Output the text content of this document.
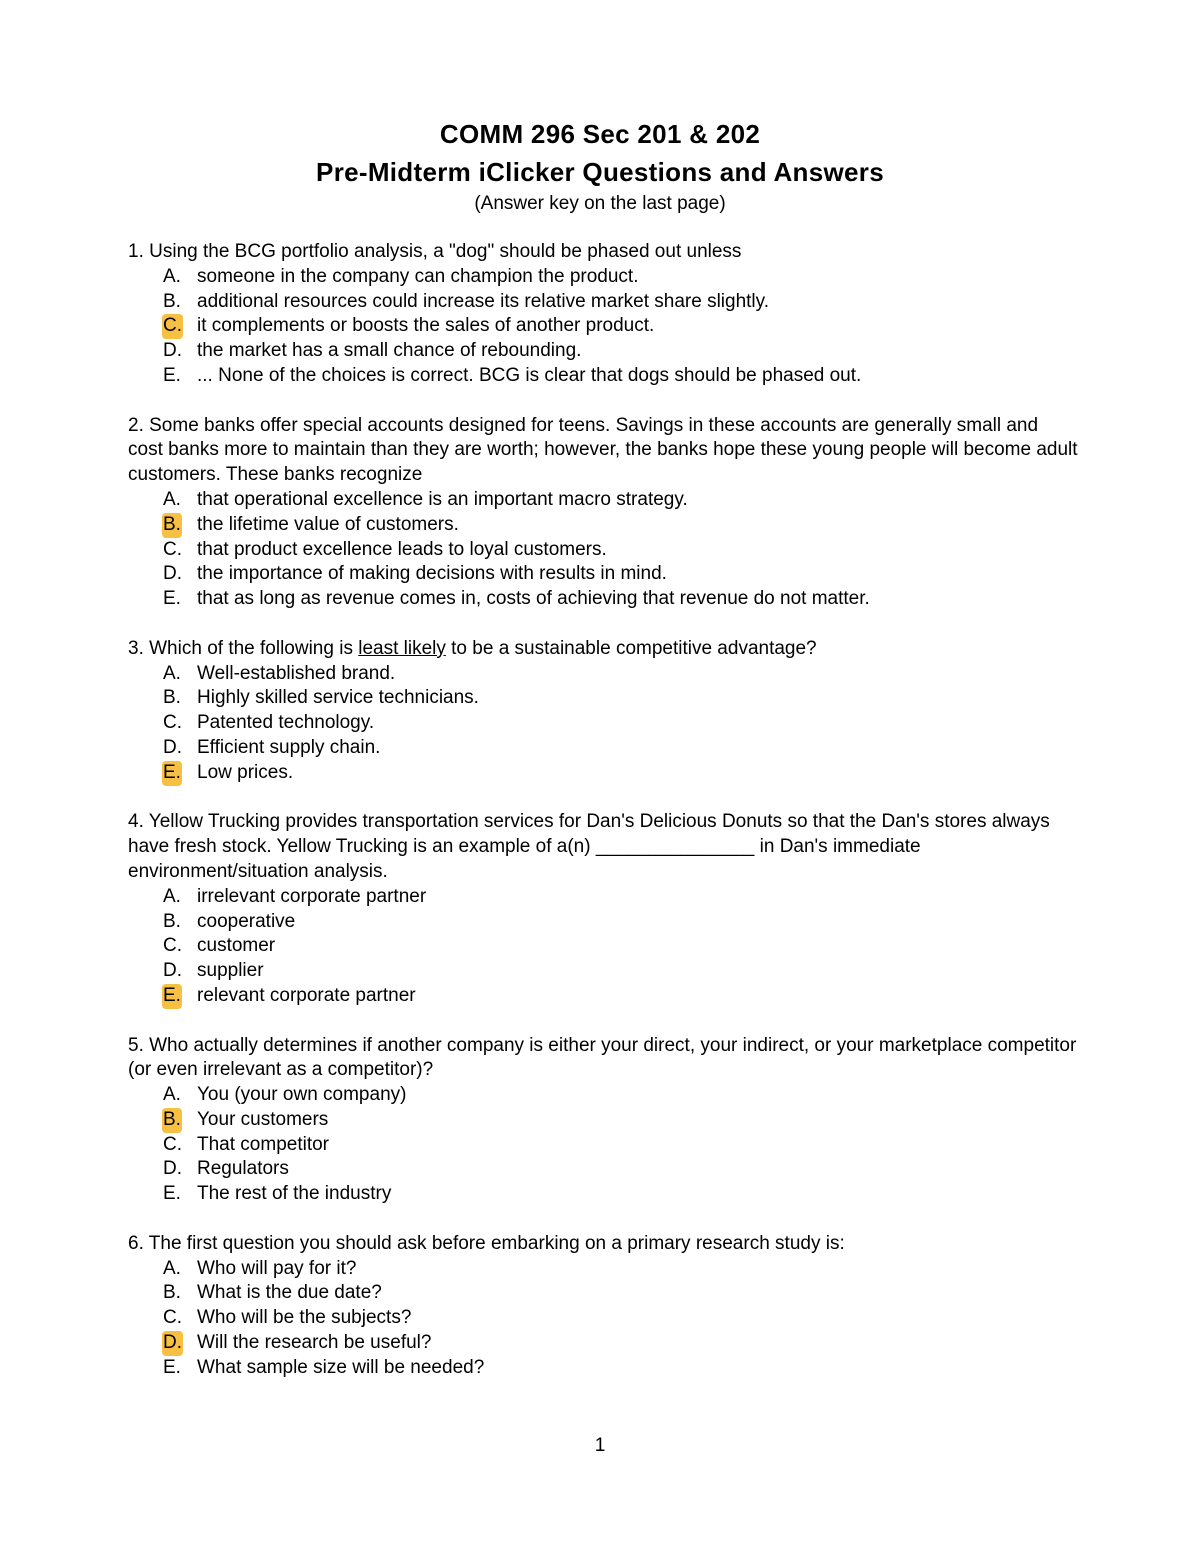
COMM 296 Sec 201 & 202
Pre-Midterm iClicker Questions and Answers
(Answer key on the last page)

1. Using the BCG portfolio analysis, a "dog" should be phased out unless

A. someone in the company can champion the product.
B. additional resources could increase its relative market share slightly.
C. it complements or boosts the sales of another product.
D. the market has a small chance of rebounding.
E. ... None of the choices is correct. BCG is clear that dogs should be phased out.

2. Some banks offer special accounts designed for teens. Savings in these accounts are generally small and cost banks more to maintain than they are worth; however, the banks hope these young people will become adult customers. These banks recognize

A. that operational excellence is an important macro strategy.
B. the lifetime value of customers.
C. that product excellence leads to loyal customers.
D. the importance of making decisions with results in mind.
E. that as long as revenue comes in, costs of achieving that revenue do not matter.

3. Which of the following is least likely to be a sustainable competitive advantage?

A. Well-established brand.
B. Highly skilled service technicians.
C. Patented technology.
D. Efficient supply chain.
E. Low prices.

4. Yellow Trucking provides transportation services for Dan's Delicious Donuts so that the Dan's stores always have fresh stock. Yellow Trucking is an example of a(n) _______________ in Dan's immediate environment/situation analysis.

A. irrelevant corporate partner
B. cooperative
C. customer
D. supplier
E. relevant corporate partner

5. Who actually determines if another company is either your direct, your indirect, or your marketplace competitor (or even irrelevant as a competitor)?

A. You (your own company)
B. Your customers
C. That competitor
D. Regulators
E. The rest of the industry

6. The first question you should ask before embarking on a primary research study is:

A. Who will pay for it?
B. What is the due date?
C. Who will be the subjects?
D. Will the research be useful?
E. What sample size will be needed?
1
